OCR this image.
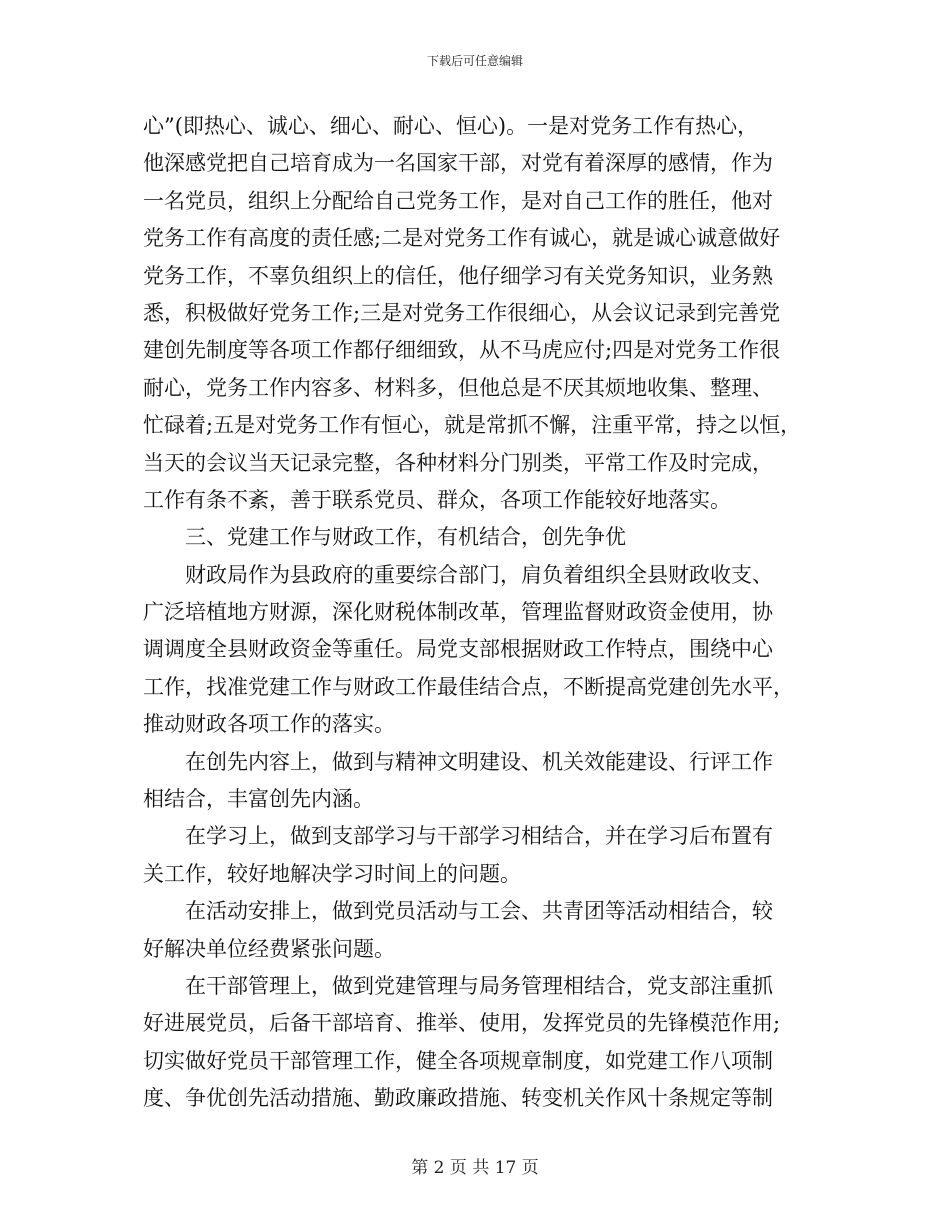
下载后可任意编辑
心”(即热心、诚心、细心、耐心、恒心)。一是对党务工作有热心，
他深感党把自己培育成为一名国家干部，对党有着深厚的感情，作为
一名党员，组织上分配给自己党务工作，是对自己工作的胜任，他对
党务工作有高度的责任感;二是对党务工作有诚心，就是诚心诚意做好
党务工作，不辜负组织上的信任，他仔细学习有关党务知识，业务熟
悉，积极做好党务工作;三是对党务工作很细心，从会议记录到完善党
建创先制度等各项工作都仔细细致，从不马虎应付;四是对党务工作很
耐心，党务工作内容多、材料多，但他总是不厌其烦地收集、整理、
忙碌着;五是对党务工作有恒心，就是常抓不懈，注重平常，持之以恒，
当天的会议当天记录完整，各种材料分门别类，平常工作及时完成，
工作有条不紊，善于联系党员、群众，各项工作能较好地落实。
三、党建工作与财政工作，有机结合，创先争优
财政局作为县政府的重要综合部门，肩负着组织全县财政收支、
广泛培植地方财源，深化财税体制改革，管理监督财政资金使用，协
调调度全县财政资金等重任。局党支部根据财政工作特点，围绕中心
工作，找准党建工作与财政工作最佳结合点，不断提高党建创先水平，
推动财政各项工作的落实。
在创先内容上，做到与精神文明建设、机关效能建设、行评工作
相结合，丰富创先内涵。
在学习上，做到支部学习与干部学习相结合，并在学习后布置有
关工作，较好地解决学习时间上的问题。
在活动安排上，做到党员活动与工会、共青团等活动相结合，较
好解决单位经费紧张问题。
在干部管理上，做到党建管理与局务管理相结合，党支部注重抓
好进展党员，后备干部培育、推举、使用，发挥党员的先锋模范作用;
切实做好党员干部管理工作，健全各项规章制度，如党建工作八项制
度、争优创先活动措施、勤政廉政措施、转变机关作风十条规定等制
第 2 页 共 17 页
